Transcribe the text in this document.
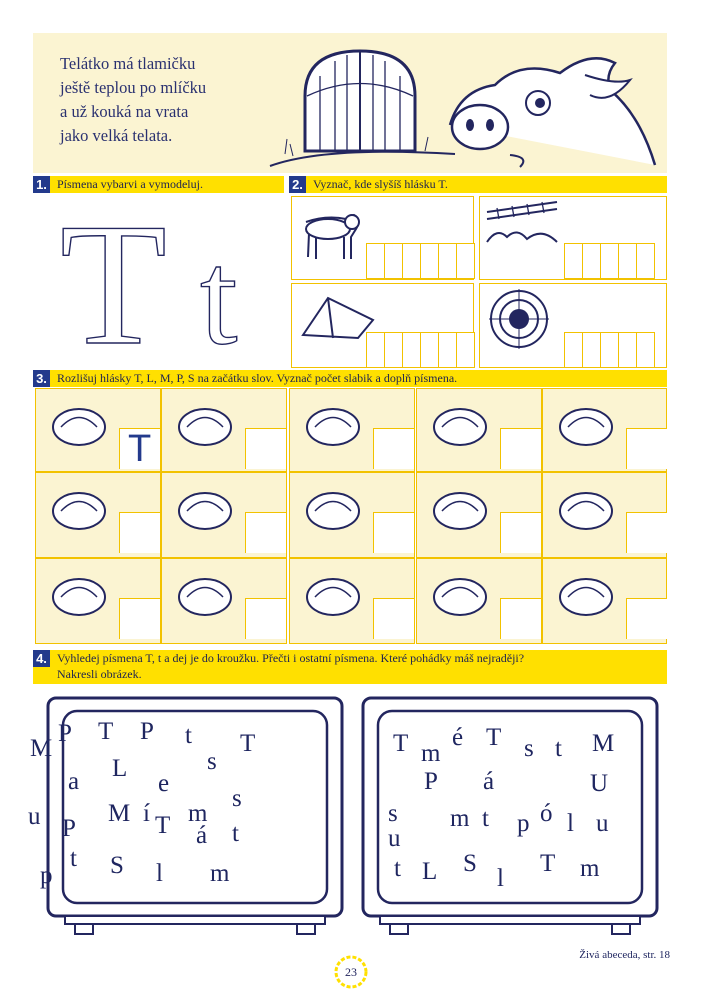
Telátko má tlamičku
ještě teplou po mlíčku
a už kouká na vrata
jako velká telata.
1. Písmena vybarvi a vymodeluj.	2. Vyznač, kde slyšíš hlásku T.
T t
3. Rozlišuj hlásky T, L, M, P, S na začátku slov. Vyznač počet slabik a doplň písmena.
T
4. Vyhledej písmena T, t a dej je do kroužku. Přečti i ostatní písmena. Které pohádky máš nejraději?
Nakresli obrázek.
M
P T P t T
a L
e
s
í m
s
u P
M T á t
t
p S l m
T m
é T s t M
P á	U
s
u
m t ó
p l u
t L S
l
T m
Živá abeceda, str. 18
23
